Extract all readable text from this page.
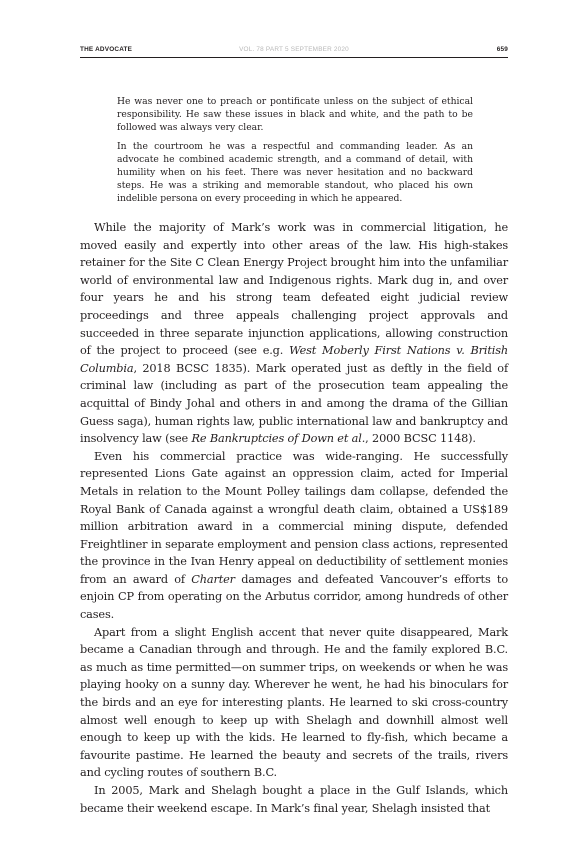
THE ADVOCATE	VOL. 78 PART 5 SEPTEMBER 2020	659

He was never one to preach or pontificate unless on the subject of ethical responsibility. He saw these issues in black and white, and the path to be followed was always very clear.

In the courtroom he was a respectful and commanding leader. As an advocate he combined academic strength, and a command of detail, with humility when on his feet. There was never hesitation and no backward steps. He was a striking and memorable standout, who placed his own indelible persona on every proceeding in which he appeared.

While the majority of Mark’s work was in commercial litigation, he moved easily and expertly into other areas of the law. His high-stakes retainer for the Site C Clean Energy Project brought him into the unfamiliar world of environmental law and Indigenous rights. Mark dug in, and over four years he and his strong team defeated eight judicial review proceedings and three appeals challenging project approvals and succeeded in three separate injunction applications, allowing construction of the project to proceed (see e.g. West Moberly First Nations v. British Columbia, 2018 BCSC 1835). Mark operated just as deftly in the field of criminal law (including as part of the prosecution team appealing the acquittal of Bindy Johal and others in and among the drama of the Gillian Guess saga), human rights law, public international law and bankruptcy and insolvency law (see Re Bankruptcies of Down et al., 2000 BCSC 1148).

Even his commercial practice was wide-ranging. He successfully represented Lions Gate against an oppression claim, acted for Imperial Metals in relation to the Mount Polley tailings dam collapse, defended the Royal Bank of Canada against a wrongful death claim, obtained a US$189 million arbitration award in a commercial mining dispute, defended Freightliner in separate employment and pension class actions, represented the province in the Ivan Henry appeal on deductibility of settlement monies from an award of Charter damages and defeated Vancouver’s efforts to enjoin CP from operating on the Arbutus corridor, among hundreds of other cases.

Apart from a slight English accent that never quite disappeared, Mark became a Canadian through and through. He and the family explored B.C. as much as time permitted—on summer trips, on weekends or when he was playing hooky on a sunny day. Wherever he went, he had his binoculars for the birds and an eye for interesting plants. He learned to ski cross-country almost well enough to keep up with Shelagh and downhill almost well enough to keep up with the kids. He learned to fly-fish, which became a favourite pastime. He learned the beauty and secrets of the trails, rivers and cycling routes of southern B.C.

In 2005, Mark and Shelagh bought a place in the Gulf Islands, which became their weekend escape. In Mark’s final year, Shelagh insisted that
